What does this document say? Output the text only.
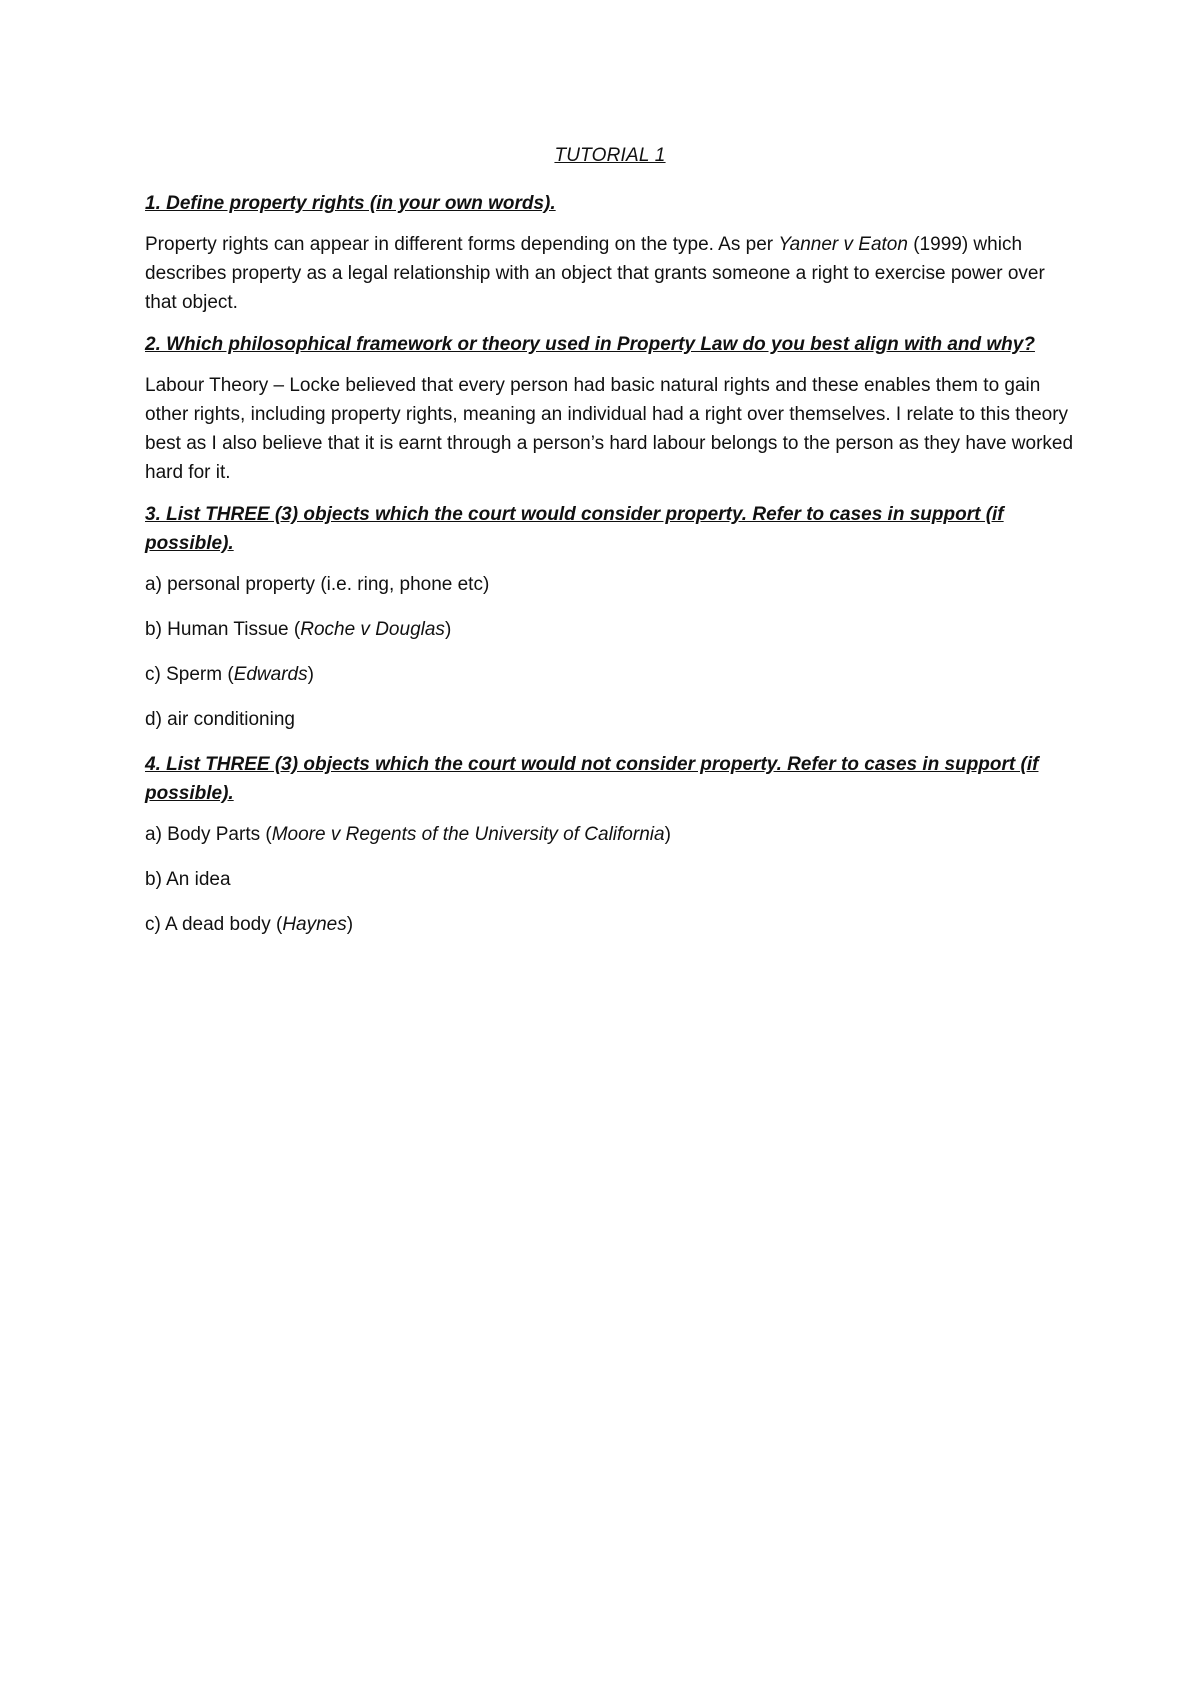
TUTORIAL 1
1. Define property rights (in your own words).
Property rights can appear in different forms depending on the type. As per Yanner v Eaton (1999) which describes property as a legal relationship with an object that grants someone a right to exercise power over that object.
2. Which philosophical framework or theory used in Property Law do you best align with and why?
Labour Theory – Locke believed that every person had basic natural rights and these enables them to gain other rights, including property rights, meaning an individual had a right over themselves. I relate to this theory best as I also believe that it is earnt through a person’s hard labour belongs to the person as they have worked hard for it.
3. List THREE (3) objects which the court would consider property. Refer to cases in support (if possible).
a) personal property (i.e. ring, phone etc)
b) Human Tissue (Roche v Douglas)
c) Sperm (Edwards)
d) air conditioning
4. List THREE (3) objects which the court would not consider property. Refer to cases in support (if possible).
a) Body Parts (Moore v Regents of the University of California)
b) An idea
c) A dead body (Haynes)
